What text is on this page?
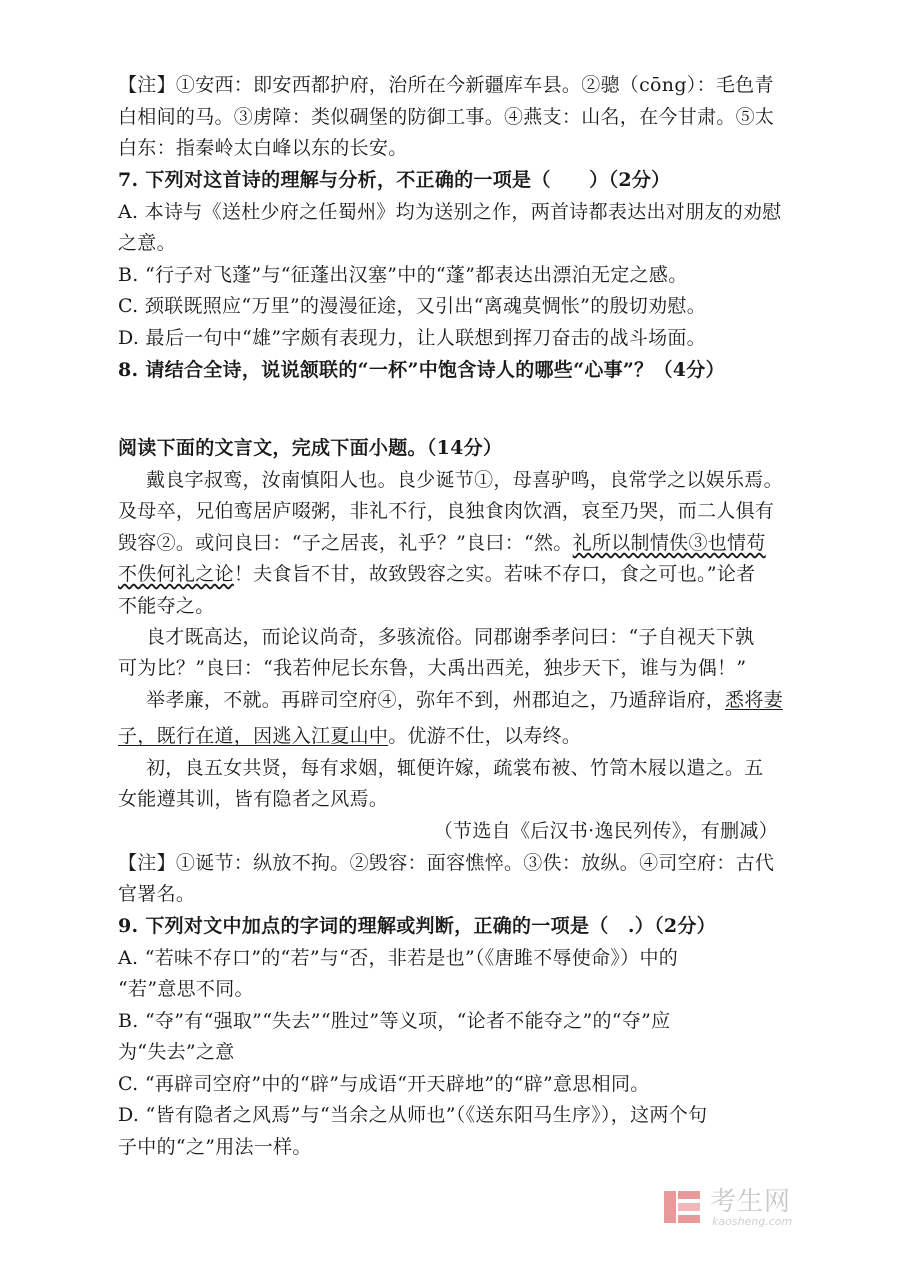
【注】①安西：即安西都护府，治所在今新疆库车县。②骢（cōng）：毛色青
白相间的马。③虏障：类似碉堡的防御工事。④燕支：山名，在今甘肃。⑤太
白东：指秦岭太白峰以东的长安。
7. 下列对这首诗的理解与分析，不正确的一项是（　　）（2分）
A. 本诗与《送杜少府之任蜀州》均为送别之作，两首诗都表达出对朋友的劝慰
之意。
B. “行子对飞蓬”与“征蓬出汉塞”中的“蓬”都表达出漂泊无定之感。
C. 颈联既照应“万里”的漫漫征途，又引出“离魂莫惆怅”的殷切劝慰。
D. 最后一句中“雄”字颇有表现力，让人联想到挥刀奋击的战斗场面。
8. 请结合全诗，说说颔联的“一杯”中饱含诗人的哪些“心事”？（4分）
阅读下面的文言文，完成下面小题。（14分）
戴良字叔鸾，汝南慎阳人也。良少诞节①，母喜驴鸣，良常学之以娱乐焉。
及母卒，兄伯鸾居庐啜粥，非礼不行，良独食肉饮酒，哀至乃哭，而二人俱有
毁容②。或问良曰：“子之居丧，礼乎？”良曰：“然。礼所以制情佚③也情苟
不佚何礼之论！夫食旨不甘，故致毁容之实。若味不存口，食之可也。”论者
不能夺之。
良才既高达，而论议尚奇，多骇流俗。同郡谢季孝问曰：“子自视天下孰
可为比？”良曰：“我若仲尼长东鲁，大禹出西羌，独步天下，谁与为偶！”
举孝廉，不就。再辟司空府④，弥年不到，州郡迫之，乃遁辞诣府，悉将妻
子，既行在道，因逃入江夏山中。优游不仕，以寿终。
初，良五女共贤，每有求姻，辄便许嫁，疏裳布被、竹笥木屐以遣之。五
女能遵其训，皆有隐者之风焉。
（节选自《后汉书·逸民列传》，有删减）
【注】①诞节：纵放不拘。②毁容：面容憔悴。③佚：放纵。④司空府：古代
官署名。
9. 下列对文中加点的字词的理解或判断，正确的一项是（　.）（2分）
A. “若味不存口”的“若”与“否，非若是也”（《唐雎不辱使命》）中的
“若”意思不同。
B. “夺”有“强取”“失去”“胜过”等义项，“论者不能夺之”的“夺”应
为“失去”之意
C. “再辟司空府”中的“辟”与成语“开天辟地”的“辟”意思相同。
D. “皆有隐者之风焉”与“当余之从师也”（《送东阳马生序》），这两个句
子中的“之”用法一样。
考生网
kaosheng.com
